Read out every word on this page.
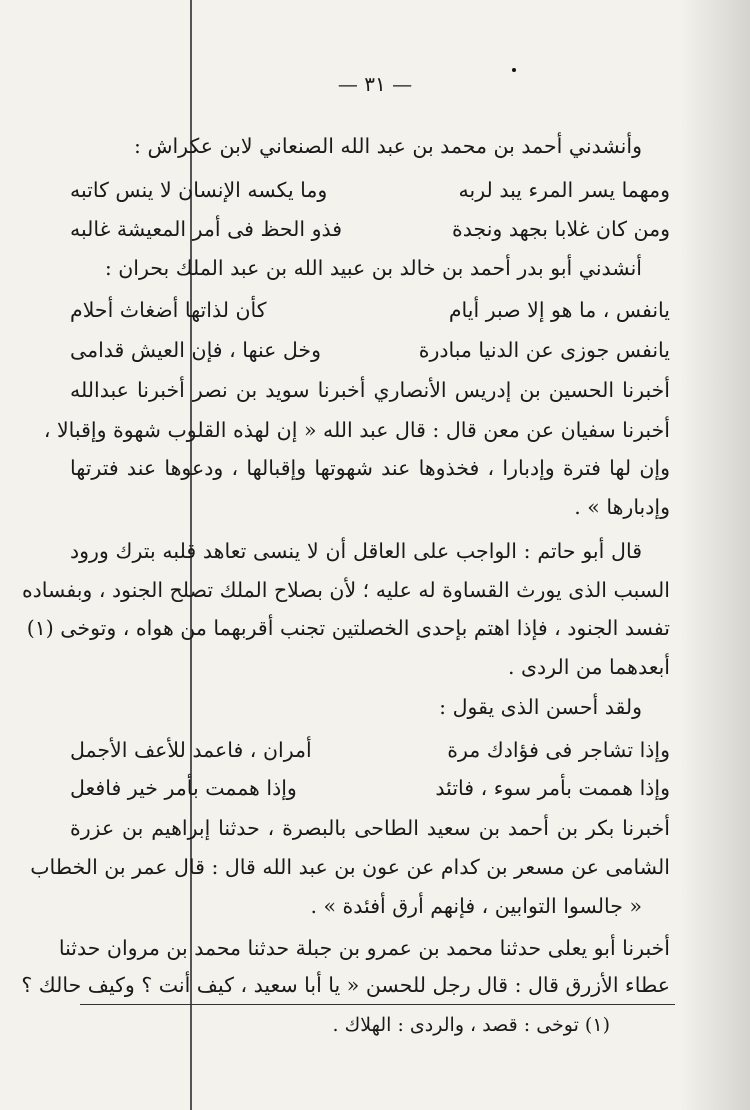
— ٣١ —
وأنشدني أحمد بن محمد بن عبد الله الصنعاني لابن عكراش :
ومهما يسر المرء يبد لربه
وما يكسه الإنسان لا ينس كاتبه
ومن كان غلابا بجهد ونجدة
فذو الحظ فى أمر المعيشة غالبه
أنشدني أبو بدر أحمد بن خالد بن عبيد الله بن عبد الملك بحران :
يانفس ، ما هو إلا صبر أيام
كأن لذاتها أضغاث أحلام
يانفس جوزى عن الدنيا مبادرة
وخل عنها ، فإن العيش قدامى
أخبرنا الحسين بن إدريس الأنصاري أخبرنا سويد بن نصر أخبرنا عبدالله
أخبرنا سفيان عن معن قال : قال عبد الله « إن لهذه القلوب شهوة وإقبالا ،
وإن لها فترة وإدبارا ، فخذوها عند شهوتها وإقبالها ، ودعوها عند فترتها
وإدبارها » .
قال أبو حاتم : الواجب على العاقل أن لا ينسى تعاهد قلبه بترك ورود
السبب الذى يورث القساوة له عليه ؛ لأن بصلاح الملك تصلح الجنود ، وبفساده
تفسد الجنود ، فإذا اهتم بإحدى الخصلتين تجنب أقربهما من هواه ، وتوخى (١)
أبعدهما من الردى .
ولقد أحسن الذى يقول :
وإذا تشاجر فى فؤادك مرة
أمران ، فاعمد للأعف الأجمل
وإذا هممت بأمر سوء ، فاتئد
وإذا هممت بأمر خير فافعل
أخبرنا بكر بن أحمد بن سعيد الطاحى بالبصرة ، حدثنا إبراهيم بن عزرة
الشامى عن مسعر بن كدام عن عون بن عبد الله قال : قال عمر بن الخطاب
« جالسوا التوابين ، فإنهم أرق أفئدة » .
أخبرنا أبو يعلى حدثنا محمد بن عمرو بن جبلة حدثنا محمد بن مروان حدثنا
عطاء الأزرق قال : قال رجل للحسن « يا أبا سعيد ، كيف أنت ؟ وكيف حالك ؟
(١) توخى : قصد ، والردى : الهلاك .
